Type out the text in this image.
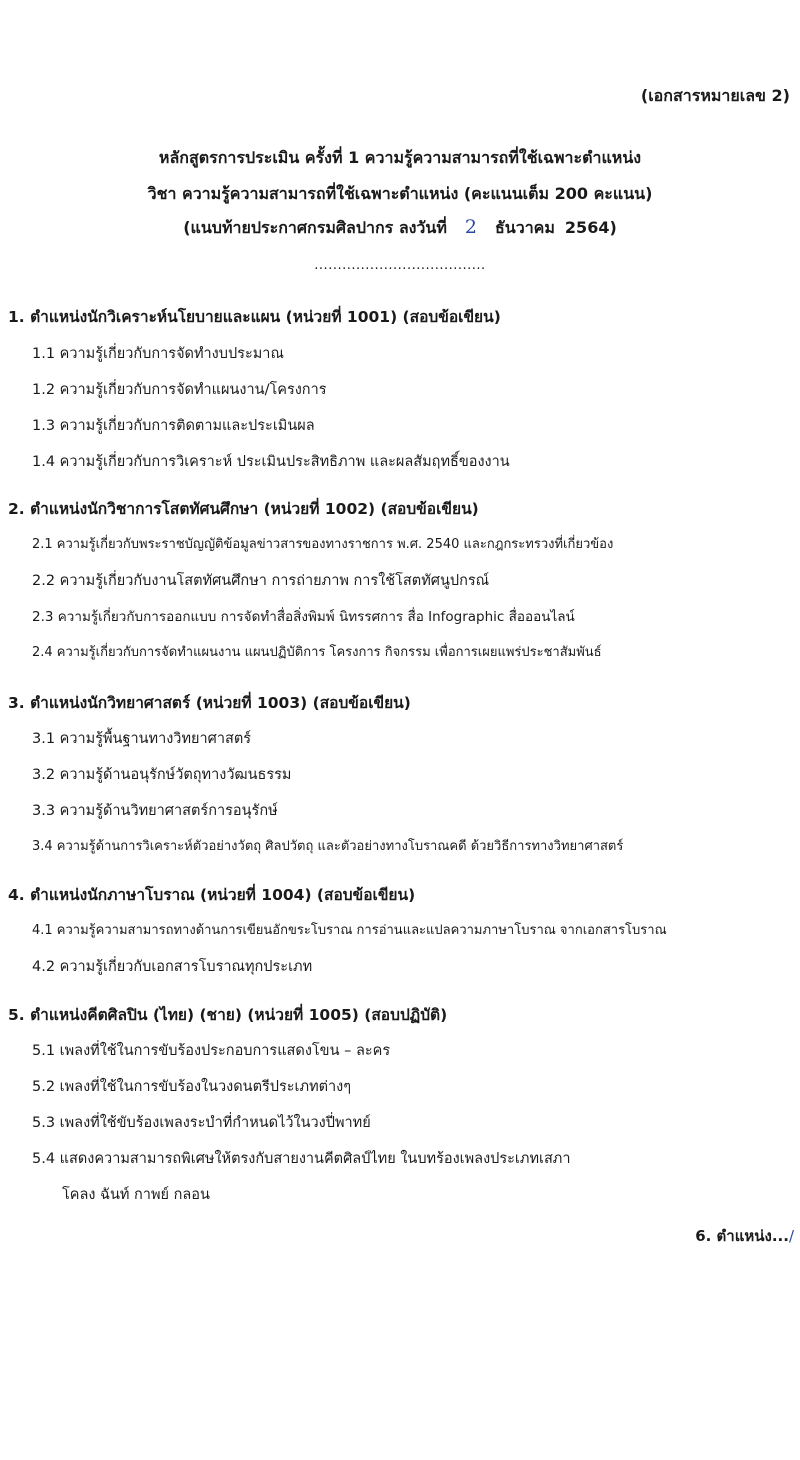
(เอกสารหมายเลข 2)
หลักสูตรการประเมิน ครั้งที่ 1 ความรู้ความสามารถที่ใช้เฉพาะตำแหน่ง
วิชา ความรู้ความสามารถที่ใช้เฉพาะตำแหน่ง (คะแนนเต็ม 200 คะแนน)
(แนบท้ายประกาศกรมศิลปากร ลงวันที่ 2 ธันวาคม 2564)
.....................................
1. ตำแหน่งนักวิเคราะห์นโยบายและแผน (หน่วยที่ 1001) (สอบข้อเขียน)
1.1 ความรู้เกี่ยวกับการจัดทำงบประมาณ
1.2 ความรู้เกี่ยวกับการจัดทำแผนงาน/โครงการ
1.3 ความรู้เกี่ยวกับการติดตามและประเมินผล
1.4 ความรู้เกี่ยวกับการวิเคราะห์ ประเมินประสิทธิภาพ และผลสัมฤทธิ์ของงาน
2. ตำแหน่งนักวิชาการโสตทัศนศึกษา (หน่วยที่ 1002) (สอบข้อเขียน)
2.1 ความรู้เกี่ยวกับพระราชบัญญัติข้อมูลข่าวสารของทางราชการ พ.ศ. 2540 และกฎกระทรวงที่เกี่ยวข้อง
2.2 ความรู้เกี่ยวกับงานโสตทัศนศึกษา การถ่ายภาพ การใช้โสตทัศนูปกรณ์
2.3 ความรู้เกี่ยวกับการออกแบบ การจัดทำสื่อสิ่งพิมพ์ นิทรรศการ สื่อ Infographic สื่อออนไลน์
2.4 ความรู้เกี่ยวกับการจัดทำแผนงาน แผนปฏิบัติการ โครงการ กิจกรรม เพื่อการเผยแพร่ประชาสัมพันธ์
3. ตำแหน่งนักวิทยาศาสตร์ (หน่วยที่ 1003) (สอบข้อเขียน)
3.1 ความรู้พื้นฐานทางวิทยาศาสตร์
3.2 ความรู้ด้านอนุรักษ์วัตถุทางวัฒนธรรม
3.3 ความรู้ด้านวิทยาศาสตร์การอนุรักษ์
3.4 ความรู้ด้านการวิเคราะห์ตัวอย่างวัตถุ ศิลปวัตถุ และตัวอย่างทางโบราณคดี ด้วยวิธีการทางวิทยาศาสตร์
4. ตำแหน่งนักภาษาโบราณ (หน่วยที่ 1004) (สอบข้อเขียน)
4.1 ความรู้ความสามารถทางด้านการเขียนอักขระโบราณ การอ่านและแปลความภาษาโบราณ จากเอกสารโบราณ
4.2 ความรู้เกี่ยวกับเอกสารโบราณทุกประเภท
5. ตำแหน่งคีตศิลปิน (ไทย) (ชาย) (หน่วยที่ 1005) (สอบปฏิบัติ)
5.1 เพลงที่ใช้ในการขับร้องประกอบการแสดงโขน – ละคร
5.2 เพลงที่ใช้ในการขับร้องในวงดนตรีประเภทต่างๆ
5.3 เพลงที่ใช้ขับร้องเพลงระบำที่กำหนดไว้ในวงปี่พาทย์
5.4 แสดงความสามารถพิเศษให้ตรงกับสายงานคีตศิลป์ไทย ในบทร้องเพลงประเภทเสภา
โคลง ฉันท์ กาพย์ กลอน
6. ตำแหน่ง.../
